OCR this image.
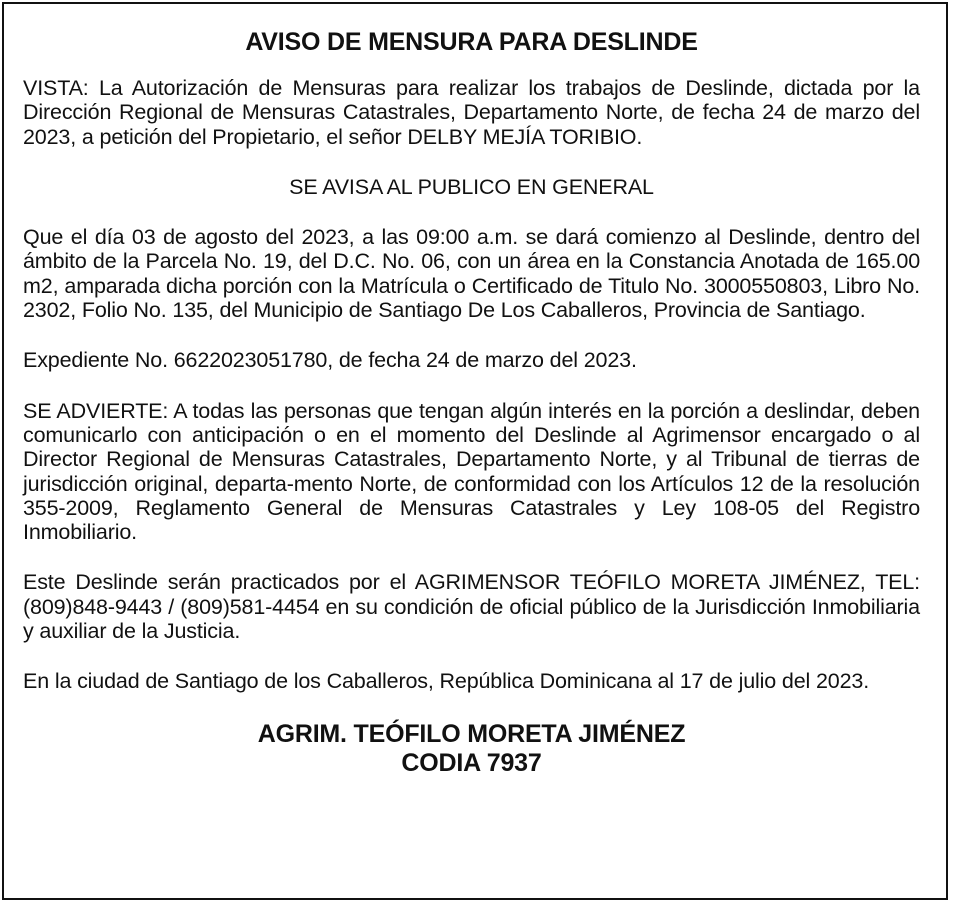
AVISO DE MENSURA PARA DESLINDE

VISTA: La Autorización de Mensuras para realizar los trabajos de Deslinde, dictada por la Dirección Regional de Mensuras Catastrales, Departamento Norte, de fecha 24 de marzo del 2023, a petición del Propietario, el señor DELBY MEJÍA TORIBIO.

SE AVISA AL PUBLICO EN GENERAL

Que el día 03 de agosto del 2023, a las 09:00 a.m. se dará comienzo al Deslinde, dentro del ámbito de la Parcela No. 19, del D.C. No. 06, con un área en la Constancia Anotada de 165.00 m2, amparada dicha porción con la Matrícula o Certificado de Titulo No. 3000550803, Libro No. 2302, Folio No. 135, del Municipio de Santiago De Los Caballeros, Provincia de Santiago.

Expediente No. 6622023051780, de fecha 24 de marzo del 2023.

SE ADVIERTE: A todas las personas que tengan algún interés en la porción a deslindar, deben comunicarlo con anticipación o en el momento del Deslinde al Agrimensor encargado o al Director Regional de Mensuras Catastrales, Departamento Norte, y al Tribunal de tierras de jurisdicción original, departa-mento Norte, de conformidad con los Artículos 12 de la resolución 355-2009, Reglamento General de Mensuras Catastrales y Ley 108-05 del Registro Inmobiliario.

Este Deslinde serán practicados por el AGRIMENSOR TEÓFILO MORETA JIMÉNEZ, TEL: (809)848-9443 / (809)581-4454 en su condición de oficial público de la Jurisdicción Inmobiliaria y auxiliar de la Justicia.

En la ciudad de Santiago de los Caballeros, República Dominicana al 17 de julio del 2023.

AGRIM. TEÓFILO MORETA JIMÉNEZ
CODIA 7937
